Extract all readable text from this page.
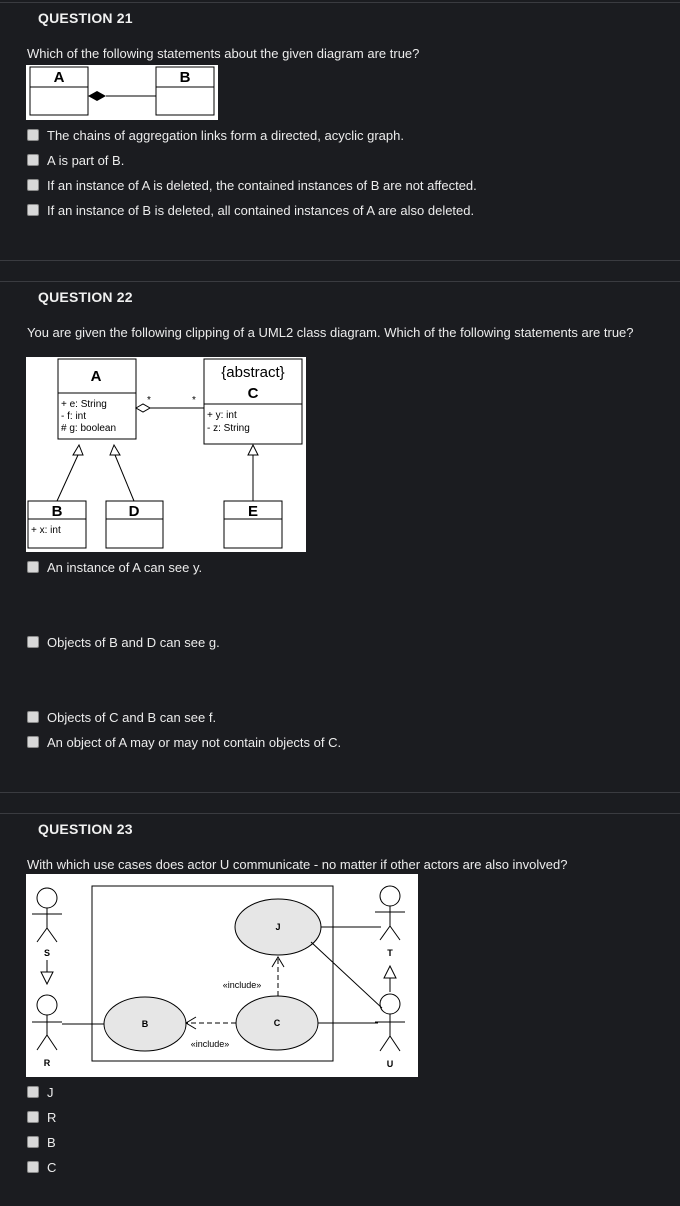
QUESTION 21
Which of the following statements about the given diagram are true?
A	B
The chains of aggregation links form a directed, acyclic graph.
A is part of B.
If an instance of A is deleted, the contained instances of B are not affected.
If an instance of B is deleted, all contained instances of A are also deleted.
QUESTION 22
You are given the following clipping of a UML2 class diagram. Which of the following statements are true?
A
+ e: String
- f: int
# g: boolean
{abstract}
C
+ y: int
- z: String
*	*
B
+ x: int
D	E
An instance of A can see y.
Objects of B and D can see g.
Objects of C and B can see f.
An object of A may or may not contain objects of C.
QUESTION 23
With which use cases does actor U communicate - no matter if other actors are also involved?
S
R
J
B	C
«include»
«include»
T
U
J
R
B
C
